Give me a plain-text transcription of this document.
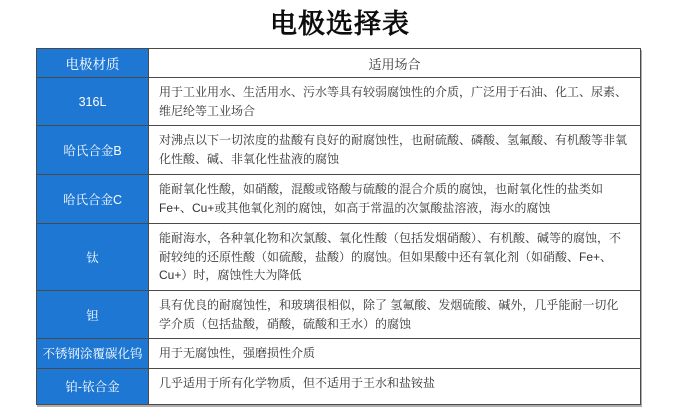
电极选择表
电极材质	适用场合
316L	用于工业用水、生活用水、污水等具有较弱腐蚀性的介质，广泛用于石油、化工、尿素、维尼纶等工业场合
哈氏合金B	对沸点以下一切浓度的盐酸有良好的耐腐蚀性，也耐硫酸、磷酸、氢氟酸、有机酸等非氧化性酸、碱、非氧化性盐液的腐蚀
哈氏合金C	能耐氧化性酸，如硝酸，混酸或铬酸与硫酸的混合介质的腐蚀，也耐氧化性的盐类如Fe+、Cu+或其他氧化剂的腐蚀，如高于常温的次氯酸盐溶液，海水的腐蚀
钛	能耐海水，各种氧化物和次氯酸、氧化性酸（包括发烟硝酸）、有机酸、碱等的腐蚀，不耐较纯的还原性酸（如硫酸，盐酸）的腐蚀。但如果酸中还有氧化剂（如硝酸、Fe+、Cu+）时，腐蚀性大为降低
钽	具有优良的耐腐蚀性，和玻璃很相似，除了 氢氟酸、发烟硫酸、碱外，几乎能耐一切化学介质（包括盐酸，硝酸，硫酸和王水）的腐蚀
不锈钢涂覆碳化钨	用于无腐蚀性，强磨损性介质
铂-铱合金	几乎适用于所有化学物质，但不适用于王水和盐铵盐
